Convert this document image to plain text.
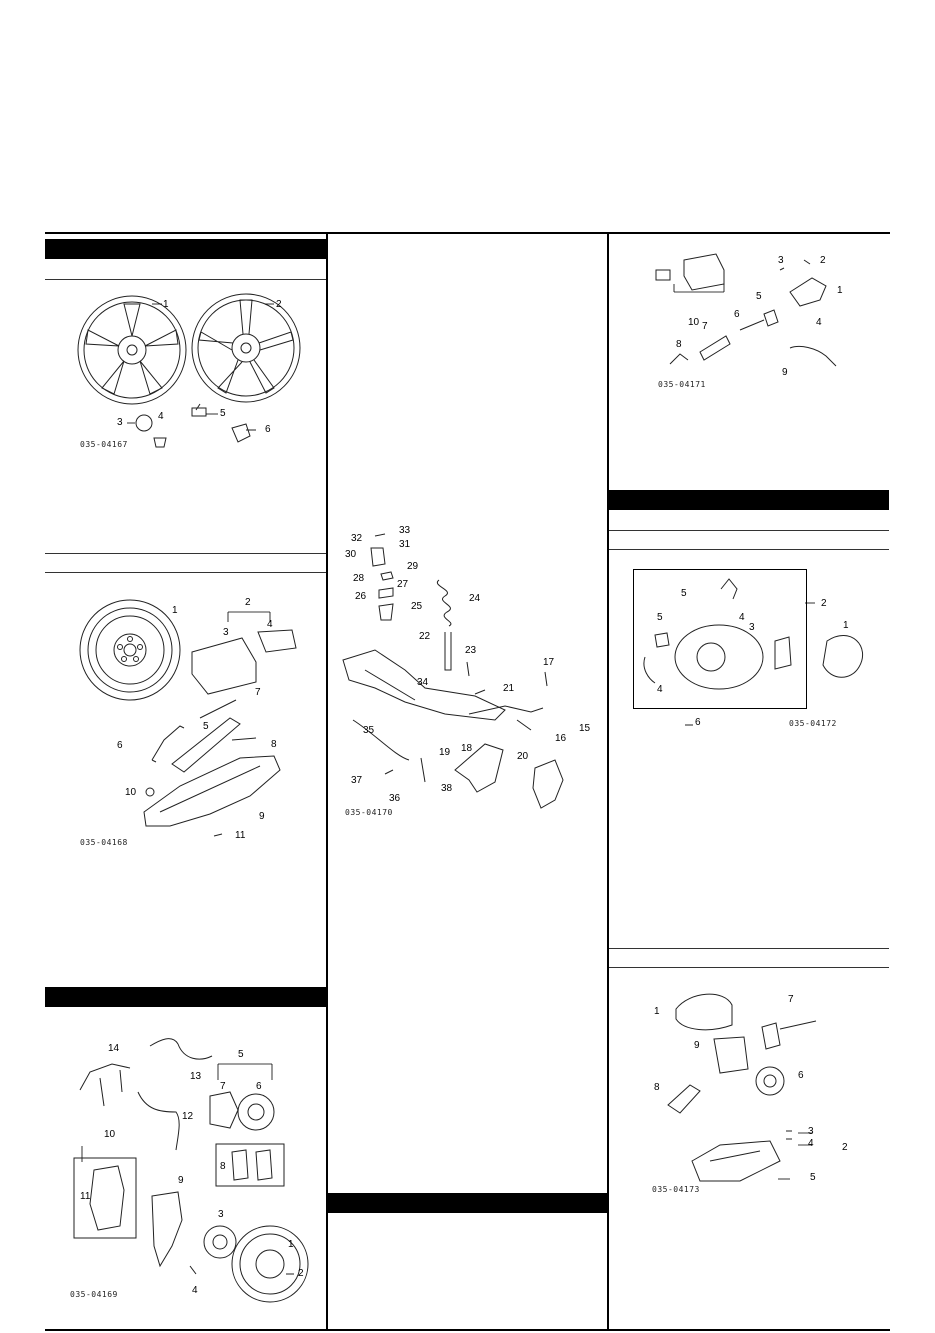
1	2
3
4	5
6
035-04167
1
2
3
4
5
6
7
8
9
10
11
035-04168
1
2
3
4
5
6
7
8
9
10
11
12
13
14
035-04169
15
16
17
18
19	20
21
22
23
24
25
26
27
28
29
30
31
32
33
34
35
36
37
38
035-04170
1
2
3
4
5
6
7
8
9
10
035-04171
1
2
3
4
4
5
5
6	035-04172
1
2
3
4
5
6
7
8
9
035-04173
